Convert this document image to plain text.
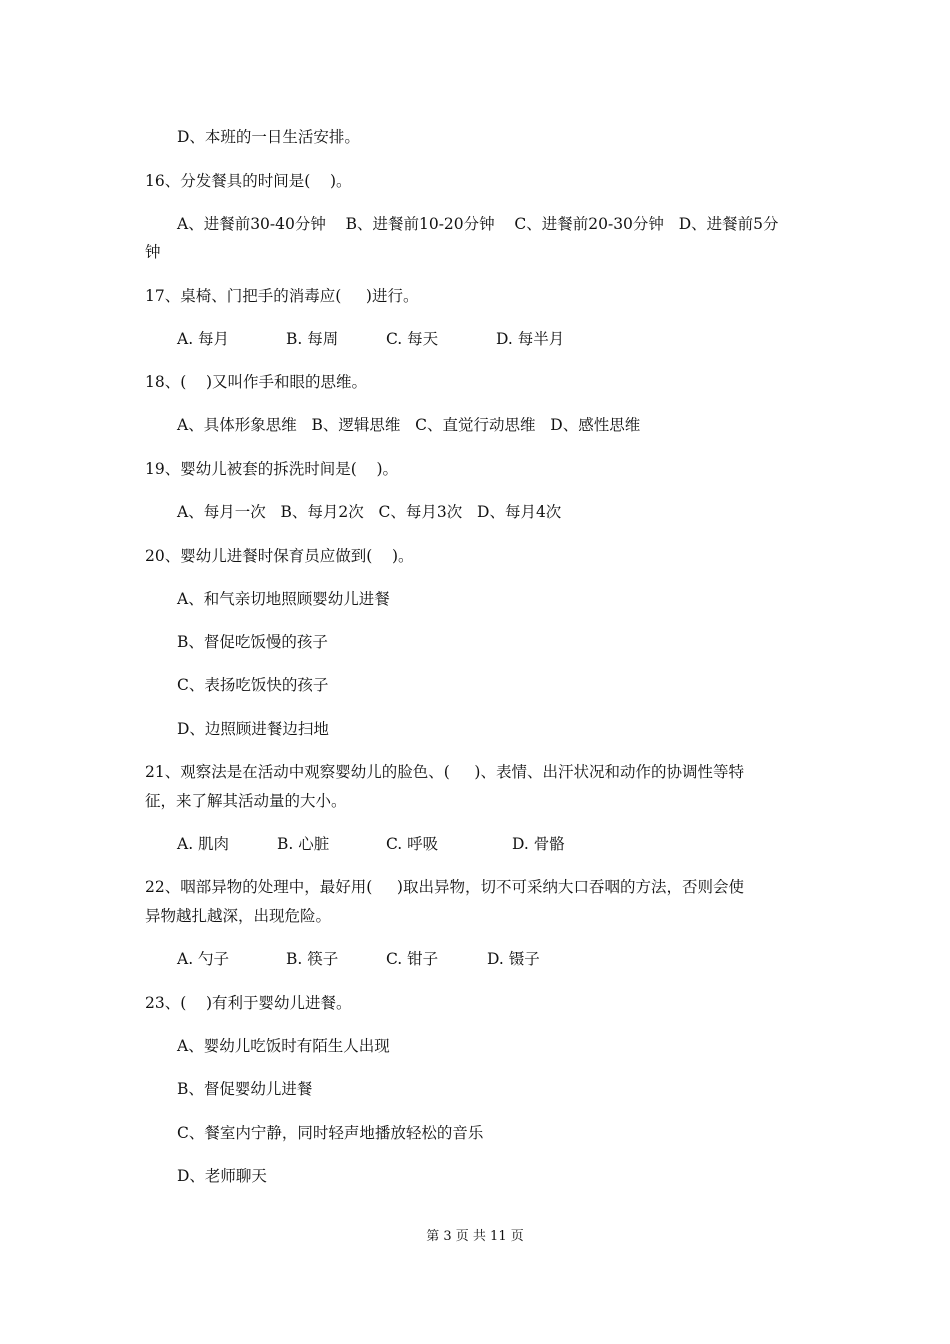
D、本班的一日生活安排。
16、分发餐具的时间是(    )。
A、进餐前30-40分钟    B、进餐前10-20分钟    C、进餐前20-30分钟   D、进餐前5分
钟
17、桌椅、门把手的消毒应(     )进行。
A. 每月	B. 每周	C. 每天	D. 每半月
18、(    )又叫作手和眼的思维。
A、具体形象思维   B、逻辑思维   C、直觉行动思维   D、感性思维
19、婴幼儿被套的拆洗时间是(    )。
A、每月一次   B、每月2次   C、每月3次   D、每月4次
20、婴幼儿进餐时保育员应做到(    )。
A、和气亲切地照顾婴幼儿进餐
B、督促吃饭慢的孩子
C、表扬吃饭快的孩子
D、边照顾进餐边扫地
21、观察法是在活动中观察婴幼儿的脸色、(     )、表情、出汗状况和动作的协调性等特
征，来了解其活动量的大小。
A. 肌肉	B. 心脏	C. 呼吸	D. 骨骼
22、咽部异物的处理中，最好用(     )取出异物，切不可采纳大口吞咽的方法，否则会使
异物越扎越深，出现危险。
A. 勺子	B. 筷子	C. 钳子	D. 镊子
23、(    )有利于婴幼儿进餐。
A、婴幼儿吃饭时有陌生人出现
B、督促婴幼儿进餐
C、餐室内宁静，同时轻声地播放轻松的音乐
D、老师聊天
第 3 页 共 11 页
